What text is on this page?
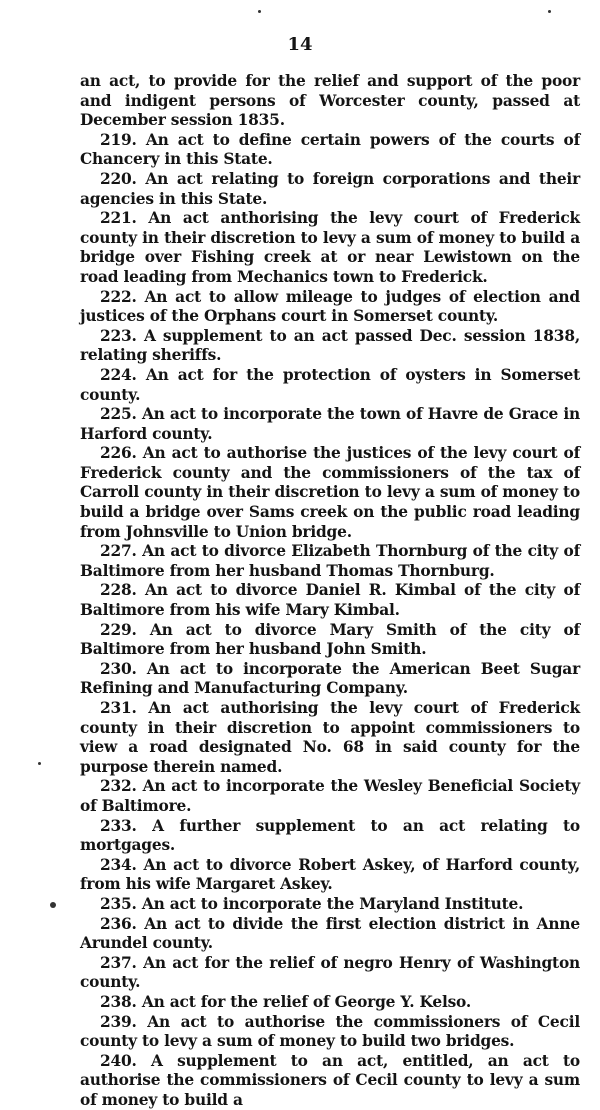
14

an act, to provide for the relief and support of the poor and indigent persons of Worcester county, passed at December session 1835.

219. An act to define certain powers of the courts of Chancery in this State.

220. An act relating to foreign corporations and their agencies in this State.

221. An act anthorising the levy court of Frederick county in their discretion to levy a sum of money to build a bridge over Fishing creek at or near Lewistown on the road leading from Mechanics town to Frederick.

222. An act to allow mileage to judges of election and justices of the Orphans court in Somerset county.

223. A supplement to an act passed Dec. session 1838, relating sheriffs.

224. An act for the protection of oysters in Somerset county.

225. An act to incorporate the town of Havre de Grace in Harford county.

226. An act to authorise the justices of the levy court of Frederick county and the commissioners of the tax of Carroll county in their discretion to levy a sum of money to build a bridge over Sams creek on the public road leading from Johnsville to Union bridge.

227. An act to divorce Elizabeth Thornburg of the city of Baltimore from her husband Thomas Thornburg.

228. An act to divorce Daniel R. Kimbal of the city of Baltimore from his wife Mary Kimbal.

229. An act to divorce Mary Smith of the city of Baltimore from her husband John Smith.

230. An act to incorporate the American Beet Sugar Refining and Manufacturing Company.

231. An act authorising the levy court of Frederick county in their discretion to appoint commissioners to view a road designated No. 68 in said county for the purpose therein named.

232. An act to incorporate the Wesley Beneficial Society of Baltimore.

233. A further supplement to an act relating to mortgages.

234. An act to divorce Robert Askey, of Harford county, from his wife Margaret Askey.

235. An act to incorporate the Maryland Institute.

236. An act to divide the first election district in Anne Arundel county.

237. An act for the relief of negro Henry of Washington county.

238. An act for the relief of George Y. Kelso.

239. An act to authorise the commissioners of Cecil county to levy a sum of money to build two bridges.

240. A supplement to an act, entitled, an act to authorise the commissioners of Cecil county to levy a sum of money to build a
